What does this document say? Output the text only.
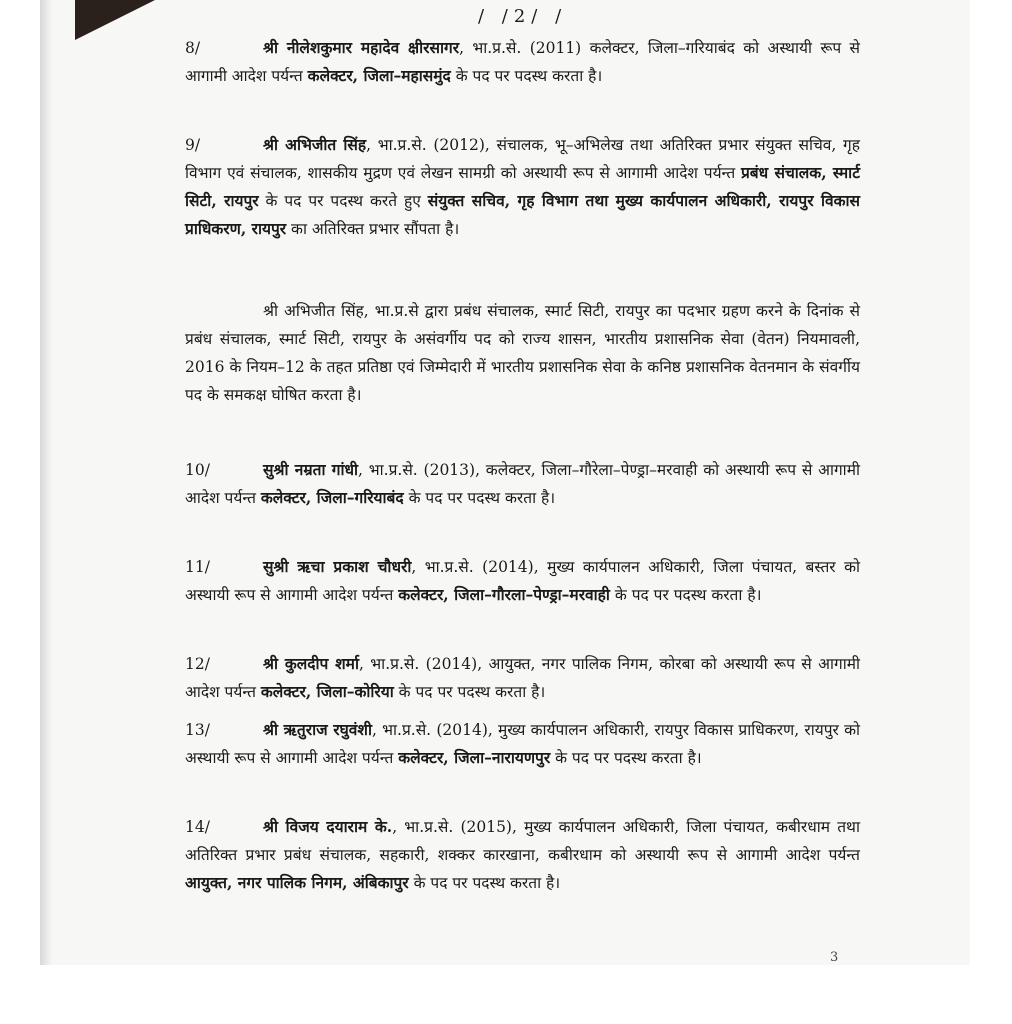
/ /2/ /
8/	श्री नीलेशकुमार महादेव क्षीरसागर, भा.प्र.से. (2011) कलेक्टर, जिला–गरियाबंद को अस्थायी रूप से आगामी आदेश पर्यन्त कलेक्टर, जिला–महासमुंद के पद पर पदस्थ करता है।
9/	श्री अभिजीत सिंह, भा.प्र.से. (2012), संचालक, भू–अभिलेख तथा अतिरिक्त प्रभार संयुक्त सचिव, गृह विभाग एवं संचालक, शासकीय मुद्रण एवं लेखन सामग्री को अस्थायी रूप से आगामी आदेश पर्यन्त प्रबंध संचालक, स्मार्ट सिटी, रायपुर के पद पर पदस्थ करते हुए संयुक्त सचिव, गृह विभाग तथा मुख्य कार्यपालन अधिकारी, रायपुर विकास प्राधिकरण, रायपुर का अतिरिक्त प्रभार सौंपता है।
श्री अभिजीत सिंह, भा.प्र.से द्वारा प्रबंध संचालक, स्मार्ट सिटी, रायपुर का पदभार ग्रहण करने के दिनांक से प्रबंध संचालक, स्मार्ट सिटी, रायपुर के असंवर्गीय पद को राज्य शासन, भारतीय प्रशासनिक सेवा (वेतन) नियमावली, 2016 के नियम–12 के तहत प्रतिष्ठा एवं जिम्मेदारी में भारतीय प्रशासनिक सेवा के कनिष्ठ प्रशासनिक वेतनमान के संवर्गीय पद के समकक्ष घोषित करता है।
10/	सुश्री नम्रता गांधी, भा.प्र.से. (2013), कलेक्टर, जिला–गौरेला–पेण्ड्रा–मरवाही को अस्थायी रूप से आगामी आदेश पर्यन्त कलेक्टर, जिला–गरियाबंद के पद पर पदस्थ करता है।
11/	सुश्री ऋचा प्रकाश चौधरी, भा.प्र.से. (2014), मुख्य कार्यपालन अधिकारी, जिला पंचायत, बस्तर को अस्थायी रूप से आगामी आदेश पर्यन्त कलेक्टर, जिला–गौरला–पेण्ड्रा–मरवाही के पद पर पदस्थ करता है।
12/	श्री कुलदीप शर्मा, भा.प्र.से. (2014), आयुक्त, नगर पालिक निगम, कोरबा को अस्थायी रूप से आगामी आदेश पर्यन्त कलेक्टर, जिला–कोरिया के पद पर पदस्थ करता है।
13/	श्री ऋतुराज रघुवंशी, भा.प्र.से. (2014), मुख्य कार्यपालन अधिकारी, रायपुर विकास प्राधिकरण, रायपुर को अस्थायी रूप से आगामी आदेश पर्यन्त कलेक्टर, जिला–नारायणपुर के पद पर पदस्थ करता है।
14/	श्री विजय दयाराम के., भा.प्र.से. (2015), मुख्य कार्यपालन अधिकारी, जिला पंचायत, कबीरधाम तथा अतिरिक्त प्रभार प्रबंध संचालक, सहकारी, शक्कर कारखाना, कबीरधाम को अस्थायी रूप से आगामी आदेश पर्यन्त आयुक्त, नगर पालिक निगम, अंबिकापुर के पद पर पदस्थ करता है।
3
